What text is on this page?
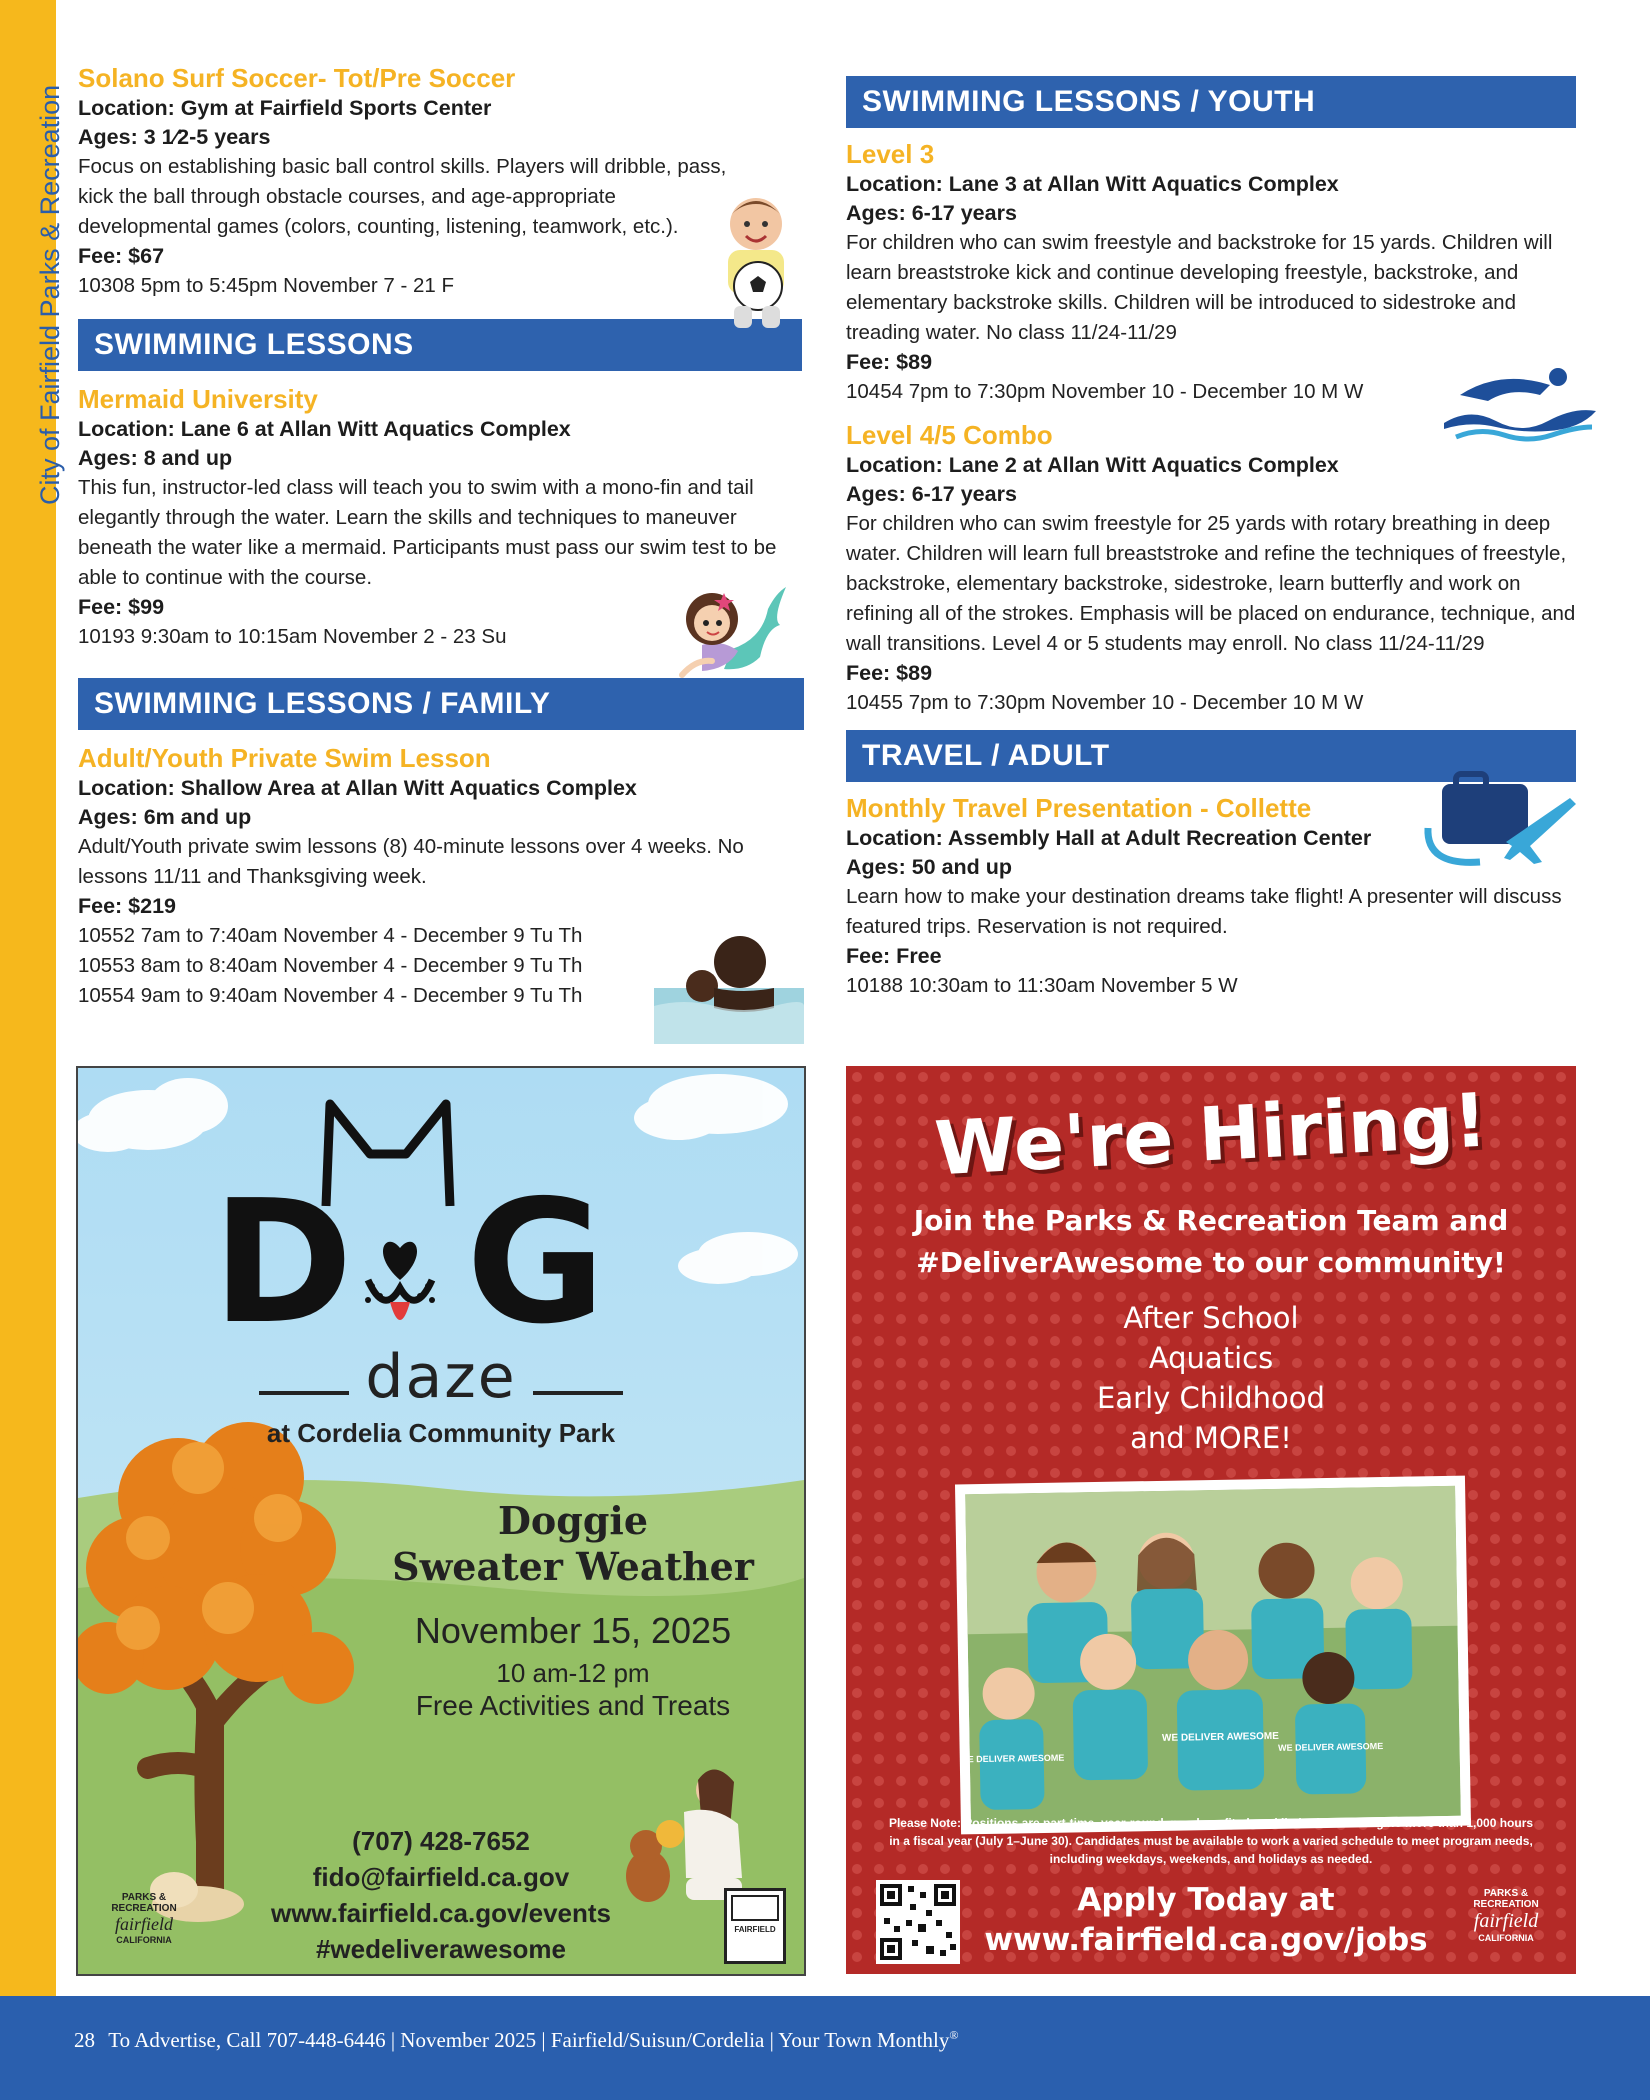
City of Fairfield Parks & Recreation
Solano Surf Soccer- Tot/Pre Soccer
Location: Gym at Fairfield Sports Center
Ages: 3 1⁄2-5 years
Focus on establishing basic ball control skills. Players will dribble, pass, kick the ball through obstacle courses, and age-appropriate developmental games (colors, counting, listening, teamwork, etc.).
Fee: $67
10308 5pm to 5:45pm November 7 - 21 F
SWIMMING LESSONS
Mermaid University
Location: Lane 6 at Allan Witt Aquatics Complex
Ages: 8 and up
This fun, instructor-led class will teach you to swim with a mono-fin and tail elegantly through the water. Learn the skills and techniques to maneuver beneath the water like a mermaid. Participants must pass our swim test to be able to continue with the course.
Fee: $99
10193 9:30am to 10:15am November 2 - 23 Su
SWIMMING LESSONS / FAMILY
Adult/Youth Private Swim Lesson
Location: Shallow Area at Allan Witt Aquatics Complex
Ages: 6m and up
Adult/Youth private swim lessons (8) 40-minute lessons over 4 weeks. No lessons 11/11 and Thanksgiving week.
Fee: $219
10552 7am to 7:40am November 4 - December 9 Tu Th
10553 8am to 8:40am November 4 - December 9 Tu Th
10554 9am to 9:40am November 4 - December 9 Tu Th
SWIMMING LESSONS / YOUTH
Level 3
Location: Lane 3 at Allan Witt Aquatics Complex
Ages: 6-17 years
For children who can swim freestyle and backstroke for 15 yards. Children will learn breaststroke kick and continue developing freestyle, backstroke, and elementary backstroke skills. Children will be introduced to sidestroke and treading water. No class 11/24-11/29
Fee: $89
10454 7pm to 7:30pm November 10 - December 10 M W
Level 4/5 Combo
Location: Lane 2 at Allan Witt Aquatics Complex
Ages: 6-17 years
For children who can swim freestyle for 25 yards with rotary breathing in deep water. Children will learn full breaststroke and refine the techniques of freestyle, backstroke, elementary backstroke, sidestroke, learn butterfly and work on refining all of the strokes. Emphasis will be placed on endurance, technique, and wall transitions. Level 4 or 5 students may enroll. No class 11/24-11/29
Fee: $89
10455 7pm to 7:30pm November 10 - December 10 M W
TRAVEL / ADULT
Monthly Travel Presentation - Collette
Location: Assembly Hall at Adult Recreation Center
Ages: 50 and up
Learn how to make your destination dreams take flight! A presenter will discuss featured trips. Reservation is not required.
Fee: Free
10188 10:30am to 11:30am November 5 W
D G
daze
at Cordelia Community Park
Doggie
Sweater Weather
November 15, 2025
10 am-12 pm
Free Activities and Treats
(707) 428-7652
fido@fairfield.ca.gov
www.fairfield.ca.gov/events
#wedeliverawesome
PARKS &
RECREATION
fairfield
CALIFORNIA
FAIRFIELD
We're Hiring!
Join the Parks & Recreation Team and
#DeliverAwesome to our community!
After School
Aquatics
Early Childhood
and MORE!
WE DELIVER AWESOME
WE DELIVER AWESOME
WE DELIVER AWESOME
Please Note: Positions are part-time, year-round, non-benefited, and limited to working no more than 1,000 hours in a fiscal year (July 1–June 30). Candidates must be available to work a varied schedule to meet program needs, including weekdays, weekends, and holidays as needed.
Apply Today at
www.fairfield.ca.gov/jobs
PARKS &
RECREATION
fairfield
CALIFORNIA
28 To Advertise, Call 707-448-6446 | November 2025 | Fairfield/Suisun/Cordelia | Your Town Monthly®
